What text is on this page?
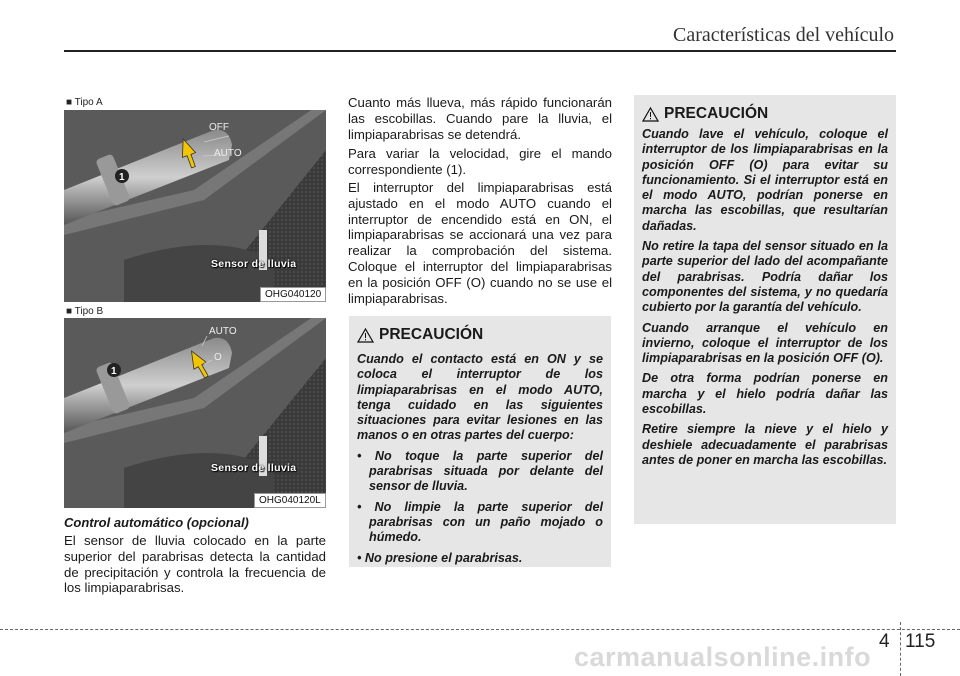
Características del vehículo
■ Tipo A
1
OFF
AUTO
Sensor de lluvia
OHG040120
■ Tipo B
1
AUTO
O
Sensor de lluvia
OHG040120L
Control automático (opcional)
El sensor de lluvia colocado en la parte superior del parabrisas detecta la cantidad de precipitación y controla la frecuencia de los limpiaparabrisas.
Cuanto más llueva, más rápido funcionarán las escobillas. Cuando pare la lluvia, el limpiaparabrisas se detendrá.
Para variar la velocidad, gire el mando correspondiente (1).
El interruptor del limpiaparabrisas está ajustado en el modo AUTO cuando el interruptor de encendido está en ON, el limpiaparabrisas se accionará una vez para realizar la comprobación del sistema. Coloque el interruptor del limpiaparabrisas en la posición OFF (O) cuando no se use el limpiaparabrisas.
PRECAUCIÓN

Cuando el contacto está en ON y se coloca el interruptor de los limpiaparabrisas en el modo AUTO, tenga cuidado en las siguientes situaciones para evitar lesiones en las manos o en otras partes del cuerpo:

• No toque la parte superior del parabrisas situada por delante del sensor de lluvia.
• No limpie la parte superior del parabrisas con un paño mojado o húmedo.
• No presione el parabrisas.
PRECAUCIÓN

Cuando lave el vehículo, coloque el interruptor de los limpiaparabrisas en la posición OFF (O) para evitar su funcionamiento. Si el interruptor está en el modo AUTO, podrían ponerse en marcha las escobillas, que resultarían dañadas.

No retire la tapa del sensor situado en la parte superior del lado del acompañante del parabrisas. Podría dañar los componentes del sistema, y no quedaría cubierto por la garantía del vehículo.

Cuando arranque el vehículo en invierno, coloque el interruptor de los limpiaparabrisas en la posición OFF (O).

De otra forma podrían ponerse en marcha y el hielo podría dañar las escobillas.

Retire siempre la nieve y el hielo y deshiele adecuadamente el parabrisas antes de poner en marcha las escobillas.

4 115
carmanualsonline.info
